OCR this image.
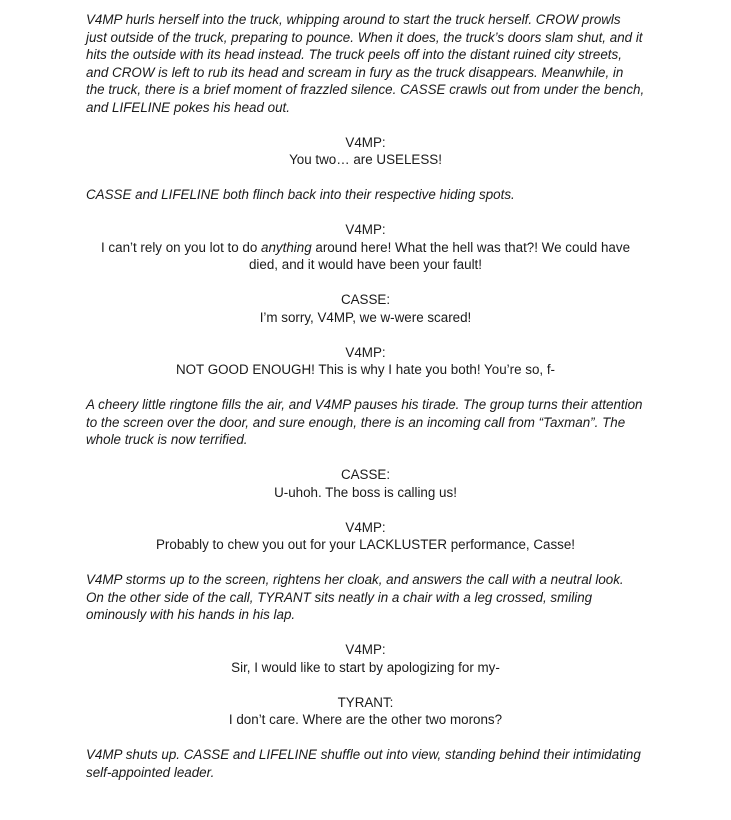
V4MP hurls herself into the truck, whipping around to start the truck herself. CROW prowls just outside of the truck, preparing to pounce. When it does, the truck’s doors slam shut, and it hits the outside with its head instead. The truck peels off into the distant ruined city streets, and CROW is left to rub its head and scream in fury as the truck disappears. Meanwhile, in the truck, there is a brief moment of frazzled silence. CASSE crawls out from under the bench, and LIFELINE pokes his head out.

V4MP:
You two… are USELESS!

CASSE and LIFELINE both flinch back into their respective hiding spots.

V4MP:
I can’t rely on you lot to do anything around here! What the hell was that?! We could have died, and it would have been your fault!
CASSE:
I’m sorry, V4MP, we w-were scared!
V4MP:
NOT GOOD ENOUGH! This is why I hate you both! You’re so, f-

A cheery little ringtone fills the air, and V4MP pauses his tirade. The group turns their attention to the screen over the door, and sure enough, there is an incoming call from “Taxman”. The whole truck is now terrified.

CASSE:
U-uhoh. The boss is calling us!
V4MP:
Probably to chew you out for your LACKLUSTER performance, Casse!

V4MP storms up to the screen, rightens her cloak, and answers the call with a neutral look. On the other side of the call, TYRANT sits neatly in a chair with a leg crossed, smiling ominously with his hands in his lap.

V4MP:
Sir, I would like to start by apologizing for my-
TYRANT:
I don’t care. Where are the other two morons?

V4MP shuts up. CASSE and LIFELINE shuffle out into view, standing behind their intimidating self-appointed leader.
